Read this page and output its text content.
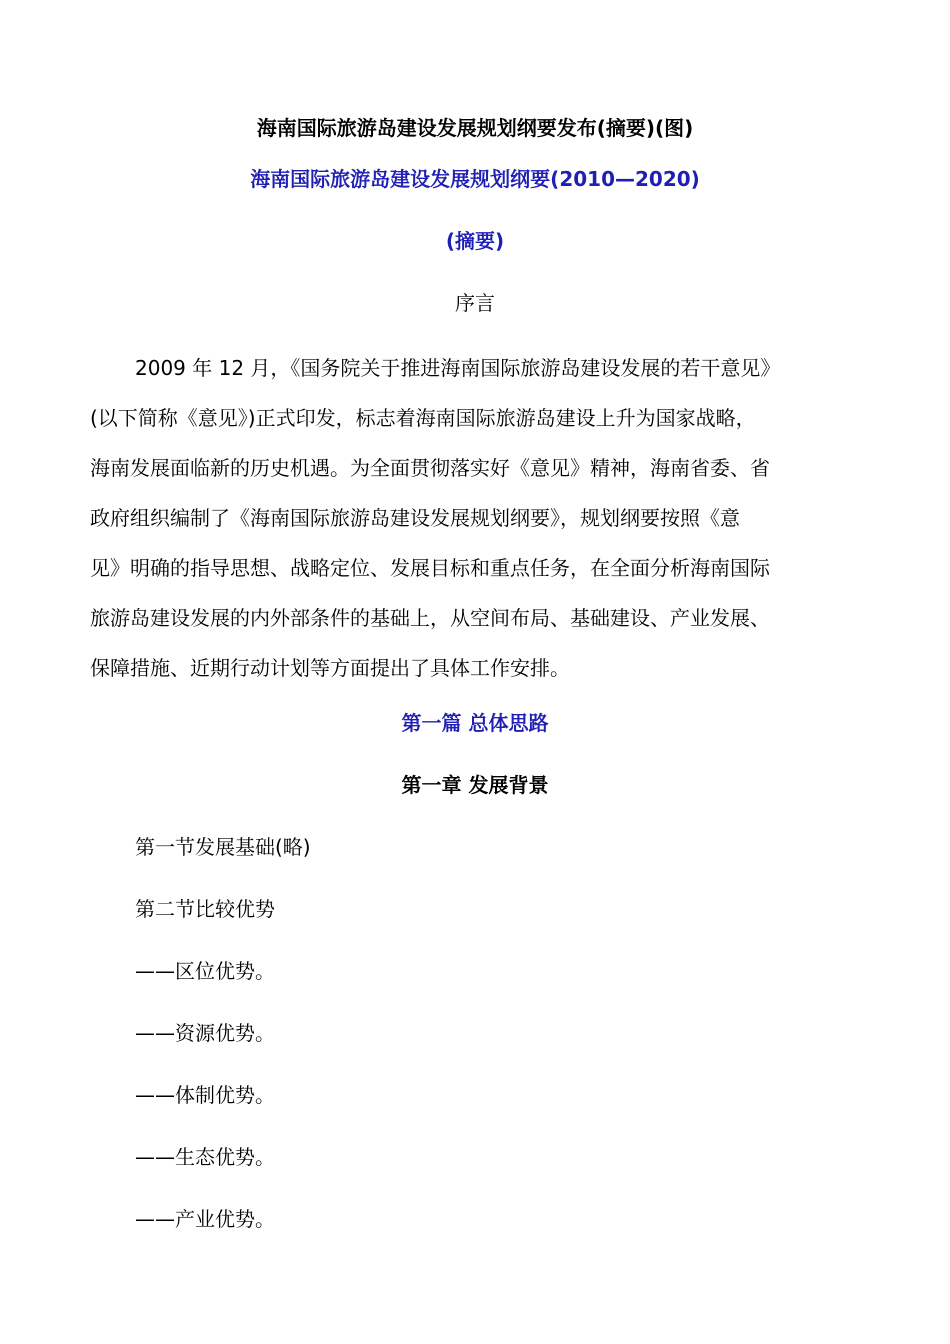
海南国际旅游岛建设发展规划纲要发布(摘要)(图)
海南国际旅游岛建设发展规划纲要(2010—2020)
(摘要)
序言
2009 年 12 月，《国务院关于推进海南国际旅游岛建设发展的若干意见》
(以下简称《意见》)正式印发，标志着海南国际旅游岛建设上升为国家战略，
海南发展面临新的历史机遇。为全面贯彻落实好《意见》精神，海南省委、省
政府组织编制了《海南国际旅游岛建设发展规划纲要》，规划纲要按照《意
见》明确的指导思想、战略定位、发展目标和重点任务，在全面分析海南国际
旅游岛建设发展的内外部条件的基础上，从空间布局、基础建设、产业发展、
保障措施、近期行动计划等方面提出了具体工作安排。
第一篇 总体思路
第一章 发展背景
第一节发展基础(略)
第二节比较优势
——区位优势。
——资源优势。
——体制优势。
——生态优势。
——产业优势。
